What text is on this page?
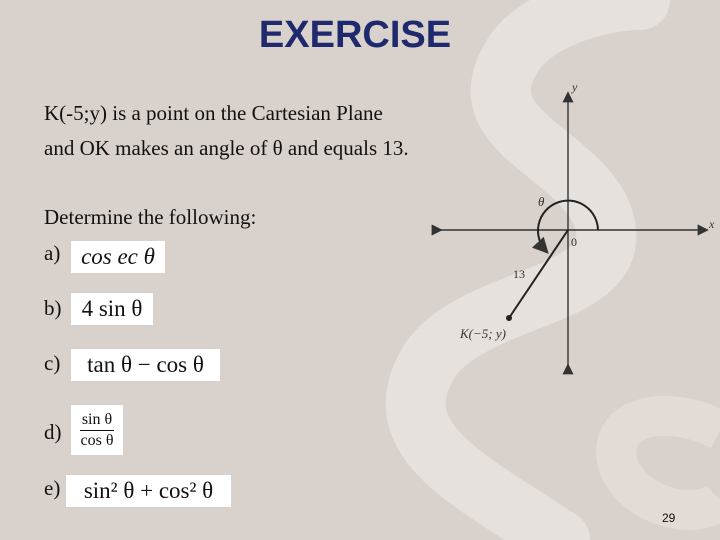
EXERCISE
K(-5;y) is a point on the Cartesian Plane
and OK makes an angle of θ and equals 13.
Determine the following:
a) cos ec θ
b) 4 sin θ
c) tan θ − cos θ
$d) \frac{\text{sin θ}}{\text{cos θ}}$
e) sin² θ + cos² θ
y
x
θ
0
13
K(−5; y)
29
